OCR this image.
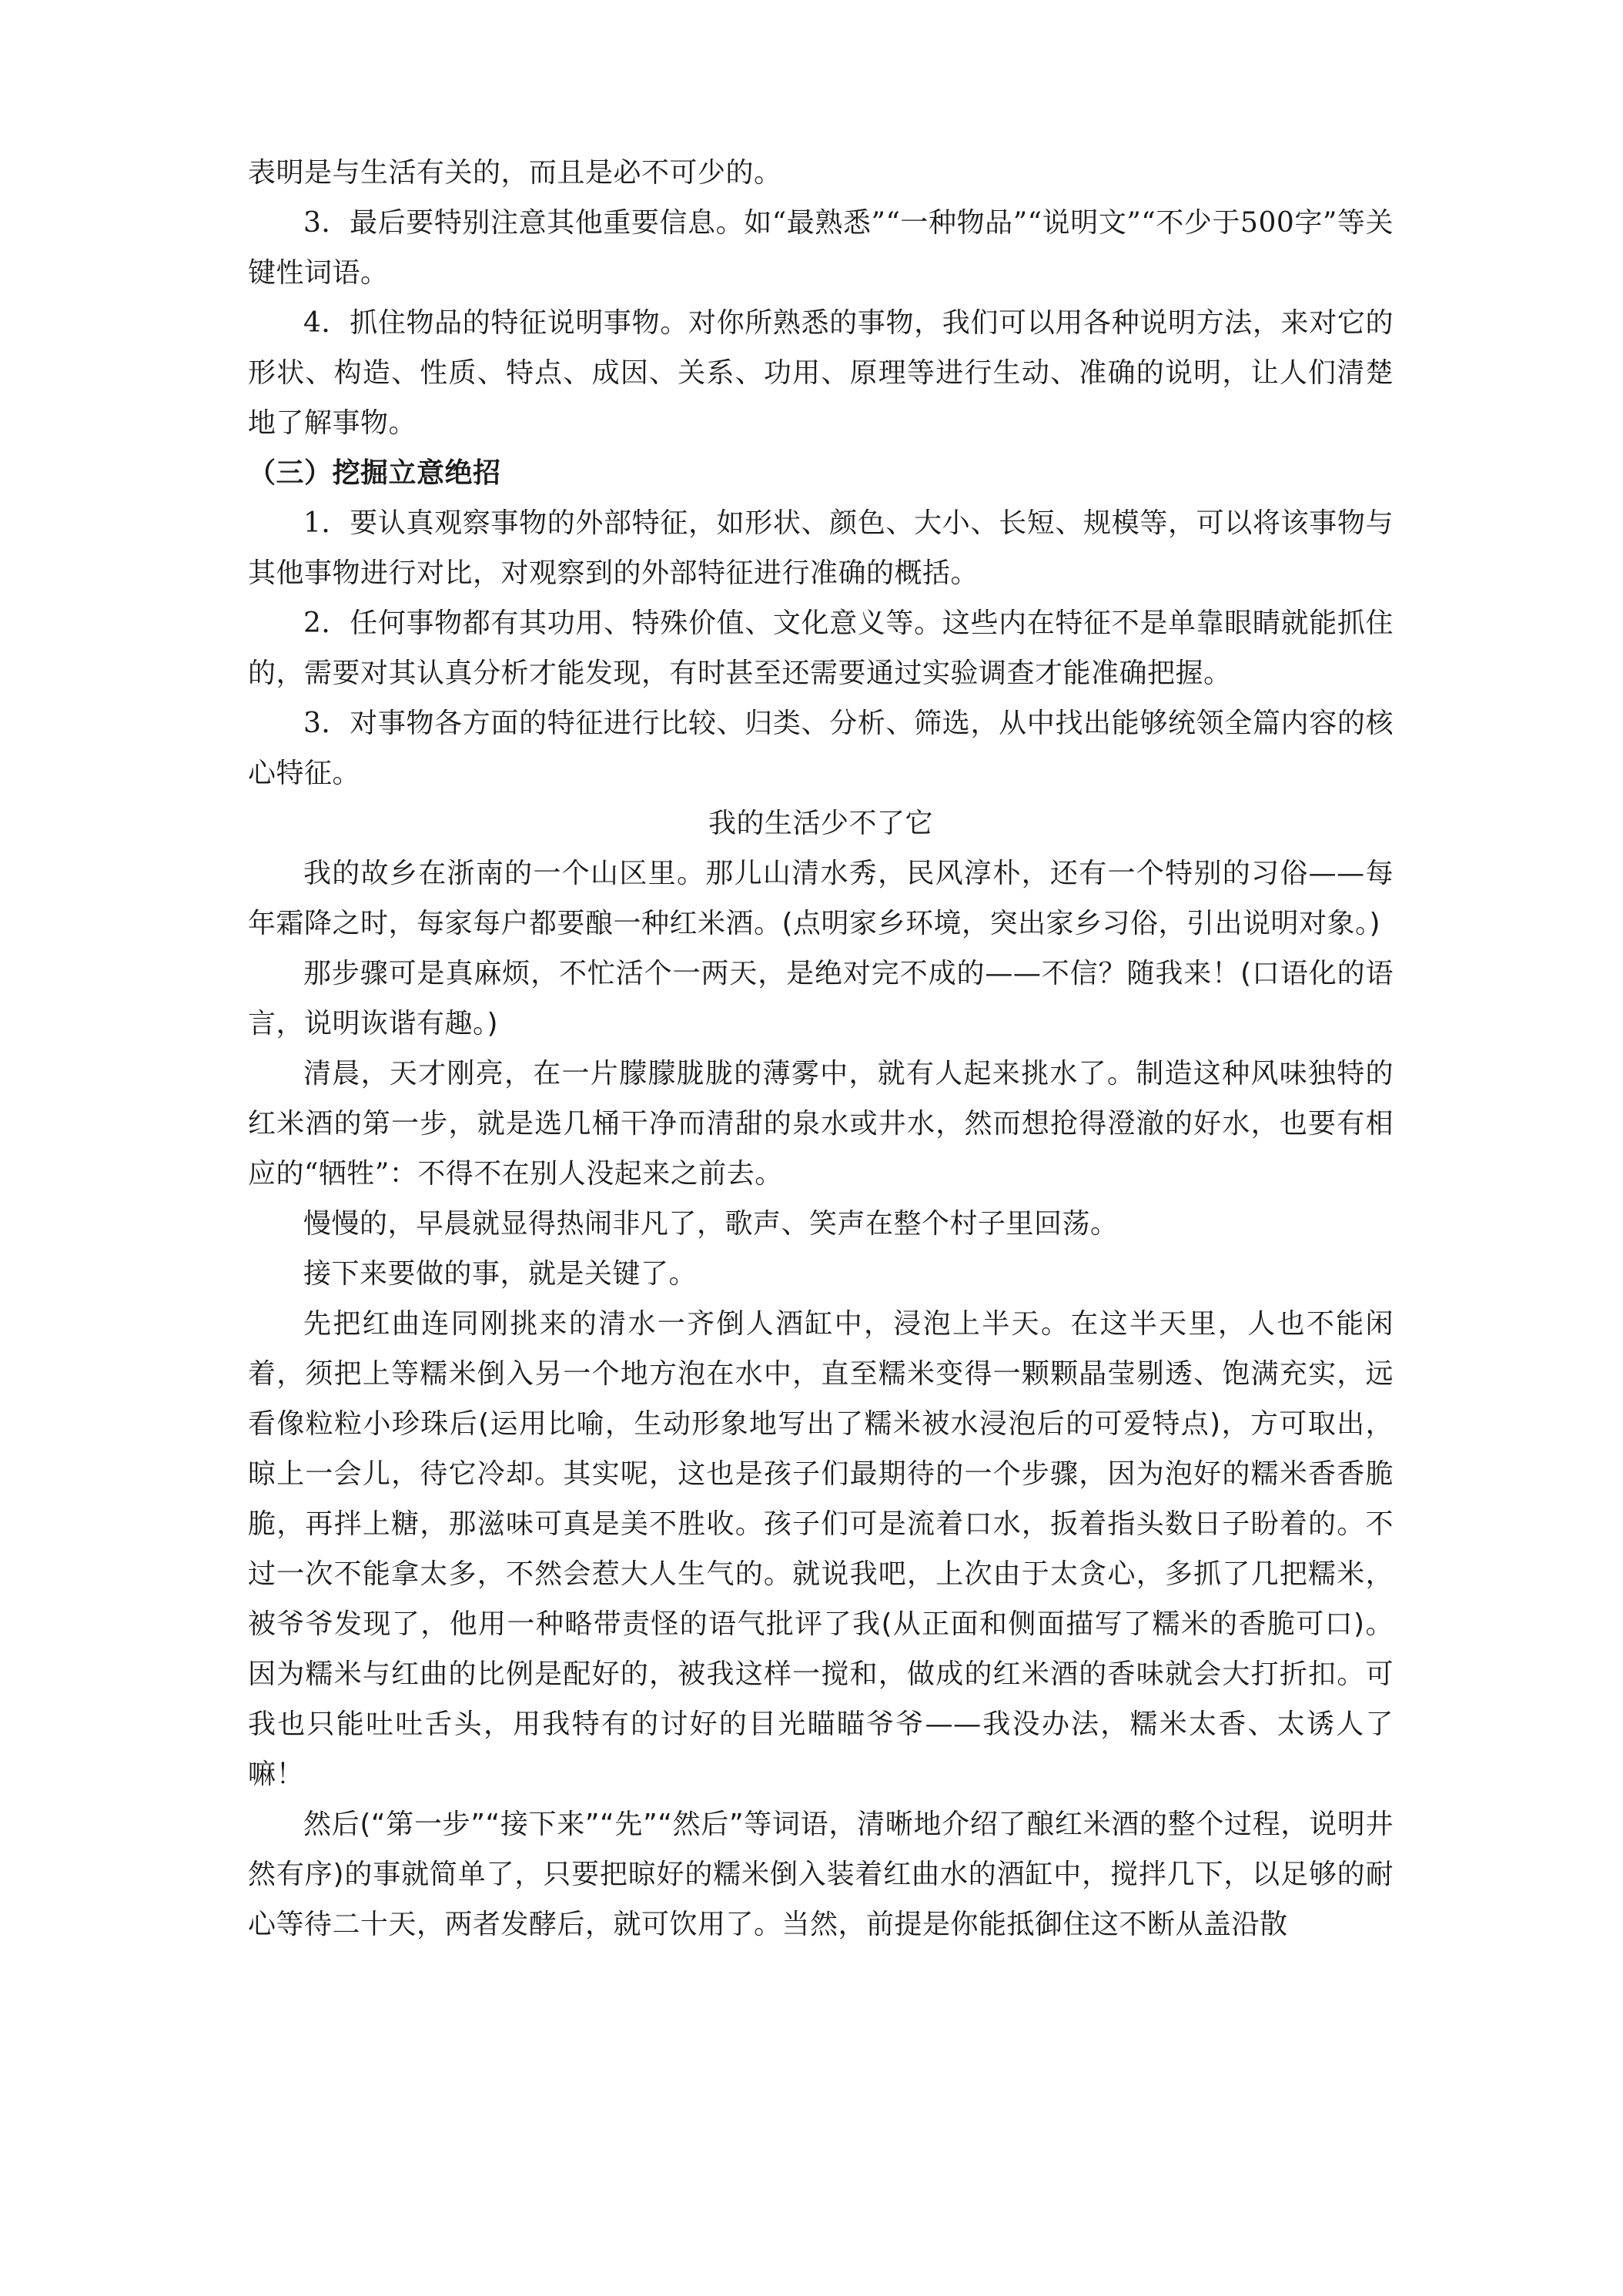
表明是与生活有关的，而且是必不可少的。

3．最后要特别注意其他重要信息。如“最熟悉”“一种物品”“说明文”“不少于500字”等关键性词语。

4．抓住物品的特征说明事物。对你所熟悉的事物，我们可以用各种说明方法，来对它的形状、构造、性质、特点、成因、关系、功用、原理等进行生动、准确的说明，让人们清楚地了解事物。

（三）挖掘立意绝招

1．要认真观察事物的外部特征，如形状、颜色、大小、长短、规模等，可以将该事物与其他事物进行对比，对观察到的外部特征进行准确的概括。

2．任何事物都有其功用、特殊价值、文化意义等。这些内在特征不是单靠眼睛就能抓住的，需要对其认真分析才能发现，有时甚至还需要通过实验调查才能准确把握。

3．对事物各方面的特征进行比较、归类、分析、筛选，从中找出能够统领全篇内容的核心特征。

我的生活少不了它

我的故乡在浙南的一个山区里。那儿山清水秀，民风淳朴，还有一个特别的习俗——每年霜降之时，每家每户都要酿一种红米酒。(点明家乡环境，突出家乡习俗，引出说明对象。)

那步骤可是真麻烦，不忙活个一两天，是绝对完不成的——不信？随我来！(口语化的语言，说明诙谐有趣。)

清晨，天才刚亮，在一片朦朦胧胧的薄雾中，就有人起来挑水了。制造这种风味独特的红米酒的第一步，就是选几桶干净而清甜的泉水或井水，然而想抢得澄澈的好水，也要有相应的“牺牲”：不得不在别人没起来之前去。

慢慢的，早晨就显得热闹非凡了，歌声、笑声在整个村子里回荡。

接下来要做的事，就是关键了。

先把红曲连同刚挑来的清水一齐倒人酒缸中，浸泡上半天。在这半天里，人也不能闲着，须把上等糯米倒入另一个地方泡在水中，直至糯米变得一颗颗晶莹剔透、饱满充实，远看像粒粒小珍珠后(运用比喻，生动形象地写出了糯米被水浸泡后的可爱特点)，方可取出，晾上一会儿，待它冷却。其实呢，这也是孩子们最期待的一个步骤，因为泡好的糯米香香脆脆，再拌上糖，那滋味可真是美不胜收。孩子们可是流着口水，扳着指头数日子盼着的。不过一次不能拿太多，不然会惹大人生气的。就说我吧，上次由于太贪心，多抓了几把糯米，被爷爷发现了，他用一种略带责怪的语气批评了我(从正面和侧面描写了糯米的香脆可口)。因为糯米与红曲的比例是配好的，被我这样一搅和，做成的红米酒的香味就会大打折扣。可我也只能吐吐舌头，用我特有的讨好的目光瞄瞄爷爷——我没办法，糯米太香、太诱人了嘛！

然后(“第一步”“接下来”“先”“然后”等词语，清晰地介绍了酿红米酒的整个过程，说明井然有序)的事就简单了，只要把晾好的糯米倒入装着红曲水的酒缸中，搅拌几下，以足够的耐心等待二十天，两者发酵后，就可饮用了。当然，前提是你能抵御住这不断从盖沿散
